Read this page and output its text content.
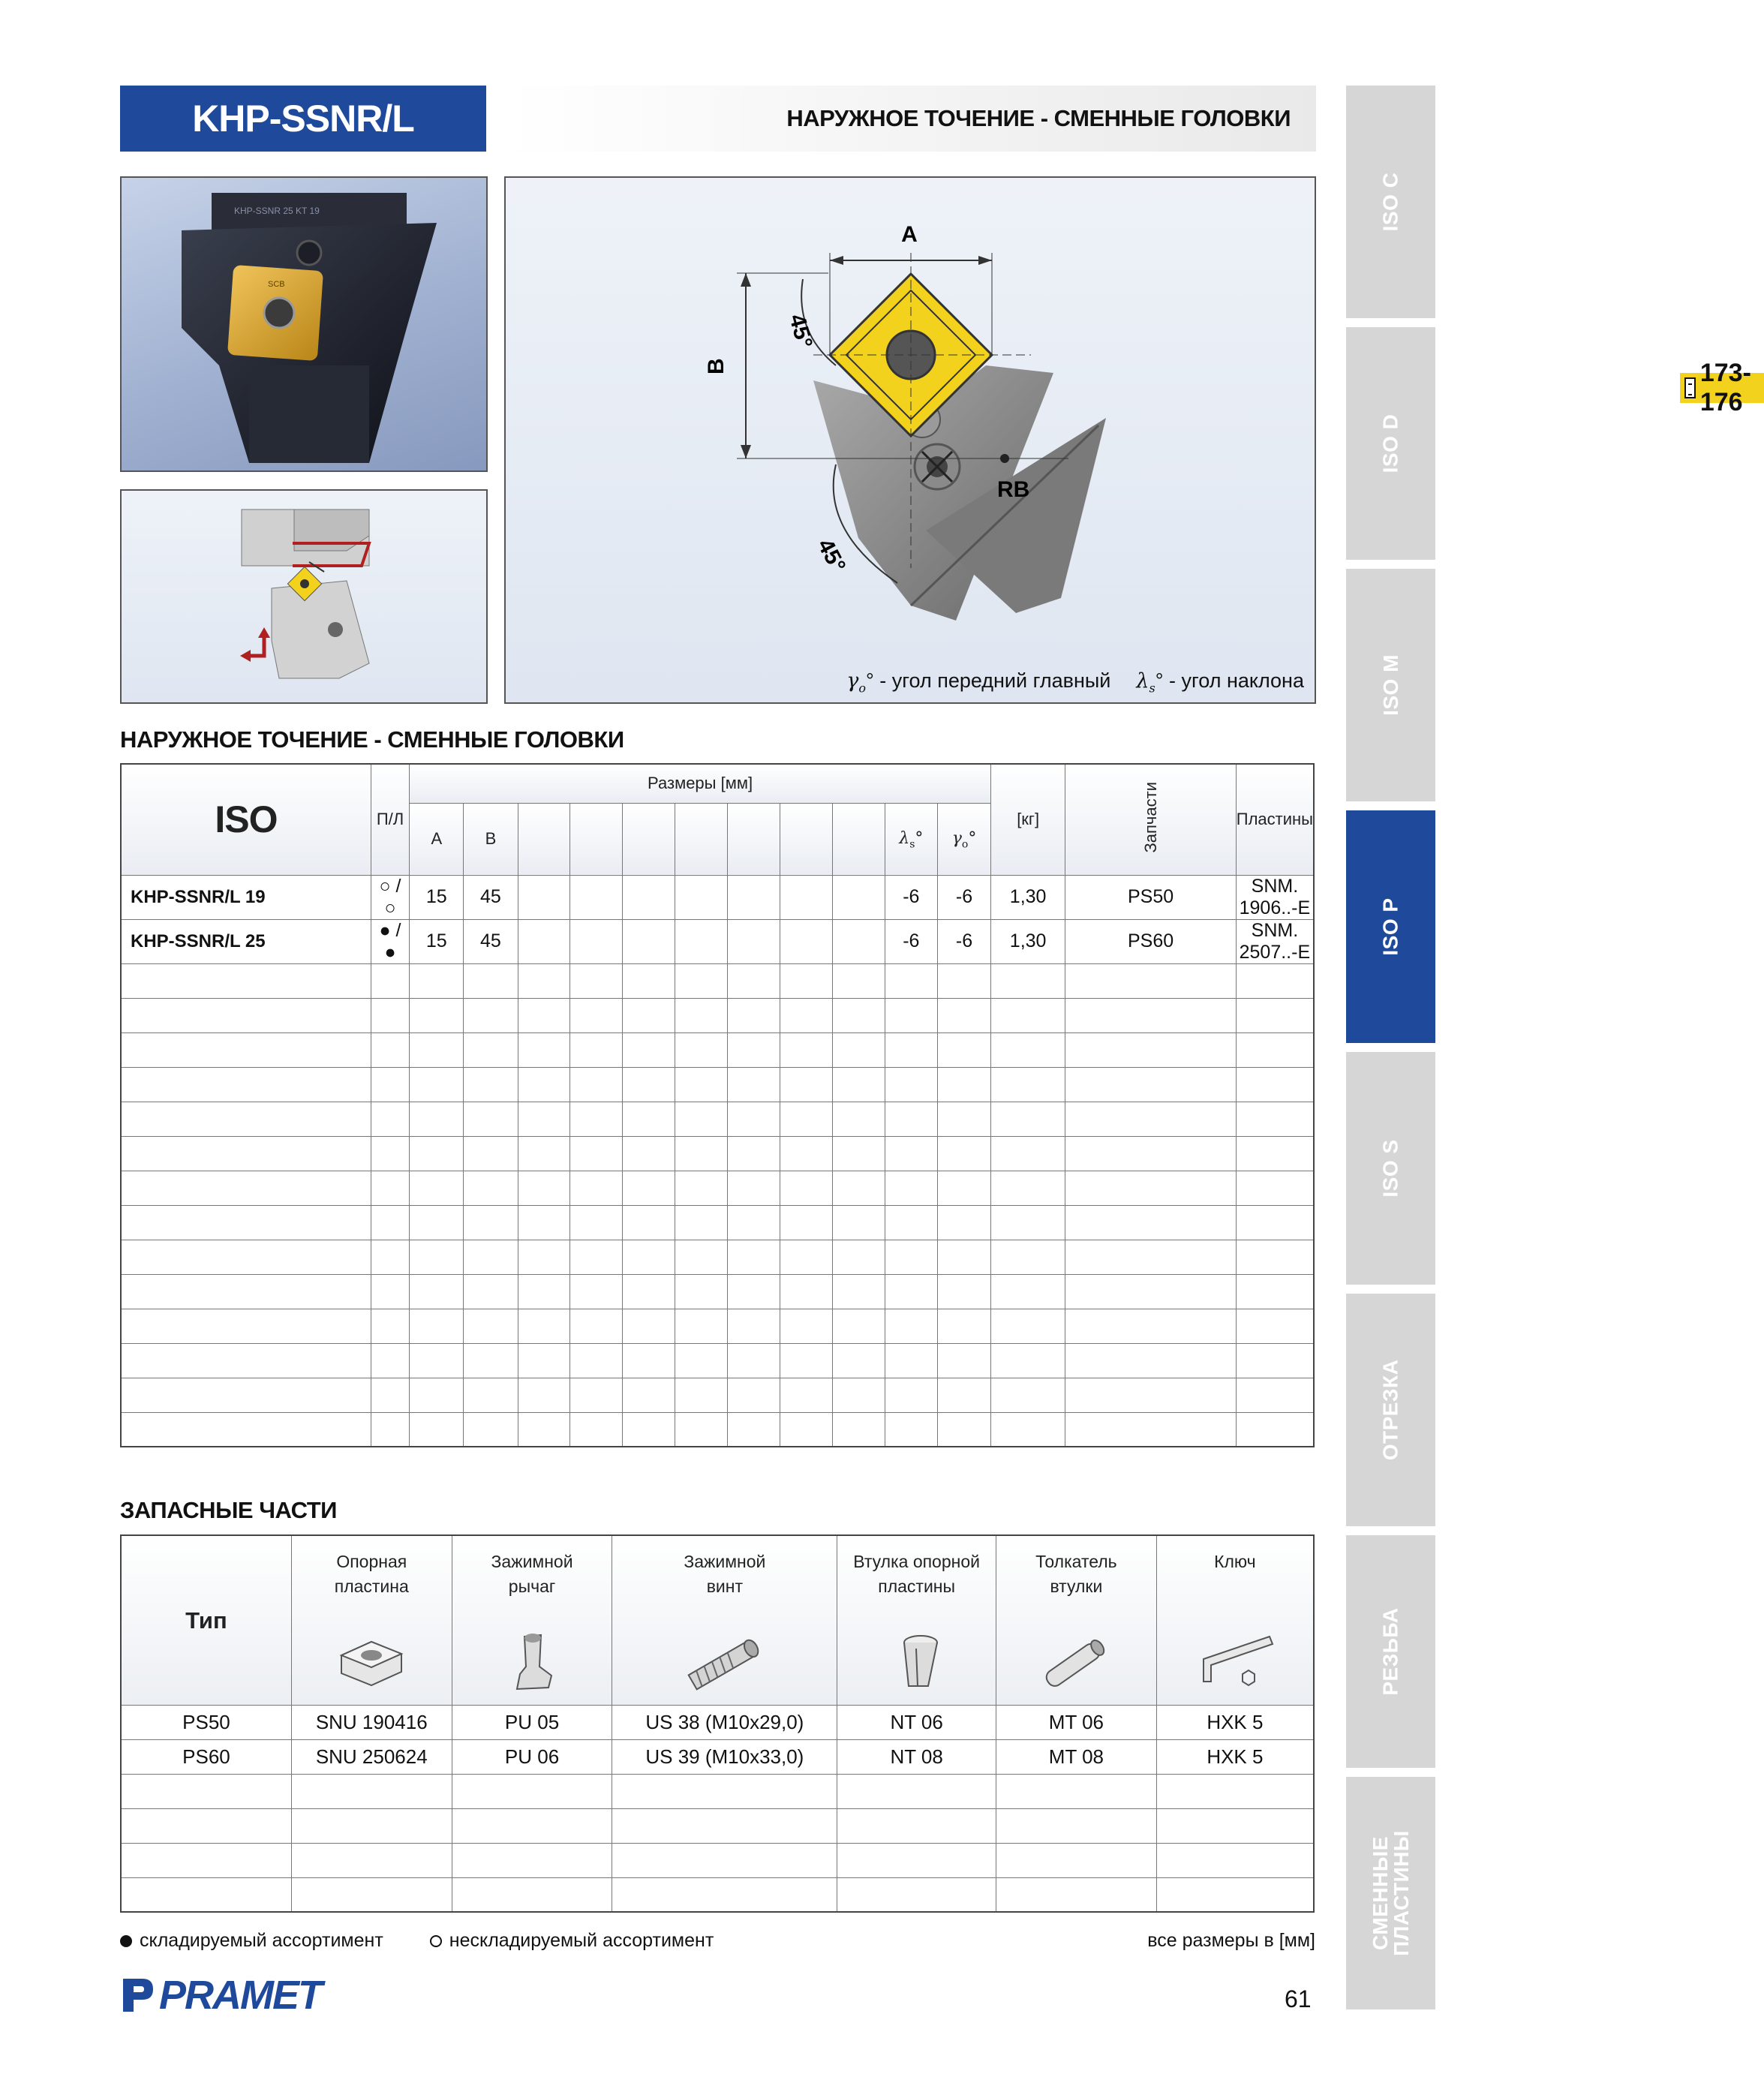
KHP-SSNR/L	НАРУЖНОЕ ТОЧЕНИЕ - СМЕННЫЕ ГОЛОВКИ
ISO C
ISO D
ISO M
ISO P
ISO S
ОТРЕЗКА
РЕЗЬБА
СМЕННЫЕ ПЛАСТИНЫ
KHP-SSNR 25 KT 19
SCB
173-176
A
B
45°
45°
RB
$\gamma_o^\circ$ - угол передний главный $\lambda_s^\circ$ - угол наклона
НАРУЖНОЕ ТОЧЕНИЕ - СМЕННЫЕ ГОЛОВКИ
ISO	П/Л	Размеры [мм]											[кг]	Запчасти	Пластины
		A	B								$\lambda_s^\circ$	$\gamma_o^\circ$			
KHP-SSNR/L 19	○ / ○	15	45								-6	-6	1,30	PS50	SNM. 1906..-E
KHP-SSNR/L 25	● / ●	15	45								-6	-6	1,30	PS60	SNM. 2507..-E

ЗАПАСНЫЕ ЧАСТИ
Тип	Опорная пластина	Зажимной рычаг	Зажимной винт	Втулка опорной пластины	Толкатель втулки	Ключ

PS50	SNU 190416	PU 05	US 38 (M10x29,0)	NT 06	MT 06	HXK 5
PS60	SNU 250624	PU 06	US 39 (M10x33,0)	NT 08	MT 08	HXK 5

складируемый ассортимент	нескладируемый ассортимент	все размеры в [мм]
PRAMET	61
